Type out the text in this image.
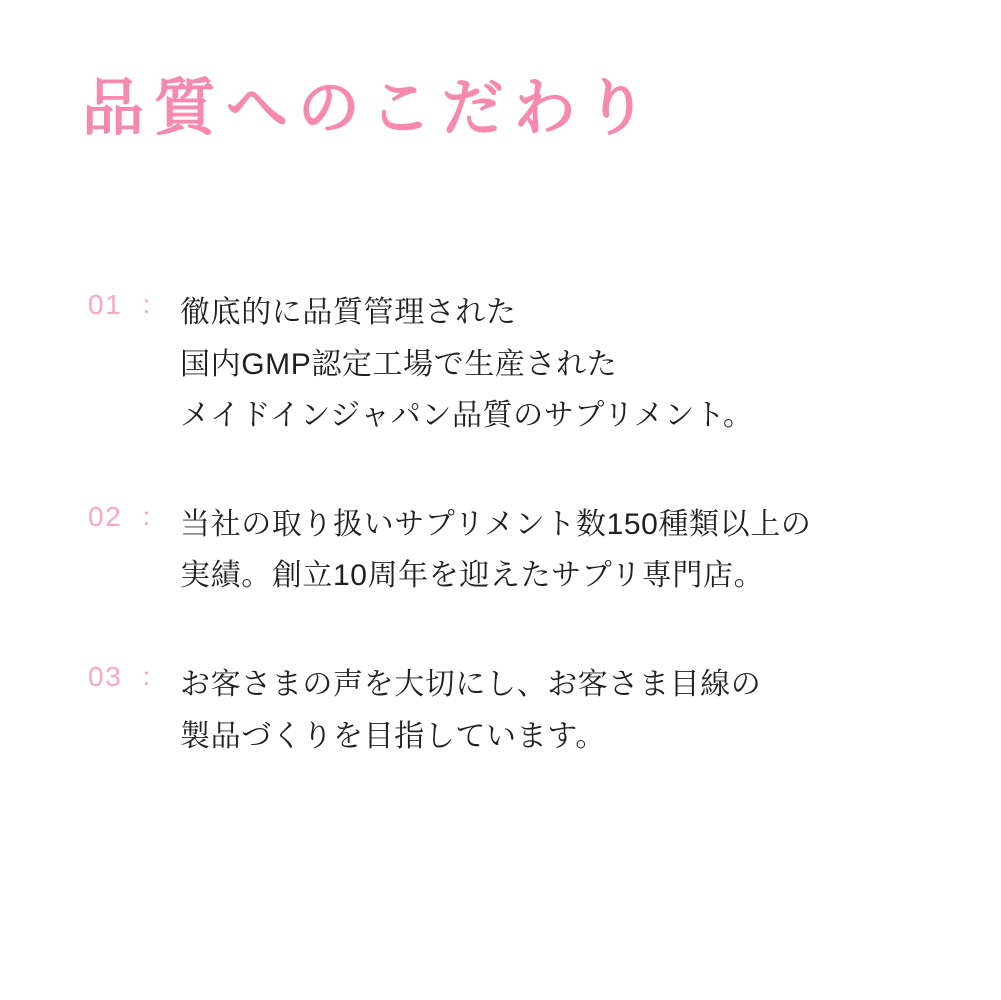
品質へのこだわり
01 ： 徹底的に品質管理された
国内GMP認定工場で生産された
メイドインジャパン品質のサプリメント。
02 ： 当社の取り扱いサプリメント数150種類以上の
実績。創立10周年を迎えたサプリ専門店。
03 ： お客さまの声を大切にし、お客さま目線の
製品づくりを目指しています。
